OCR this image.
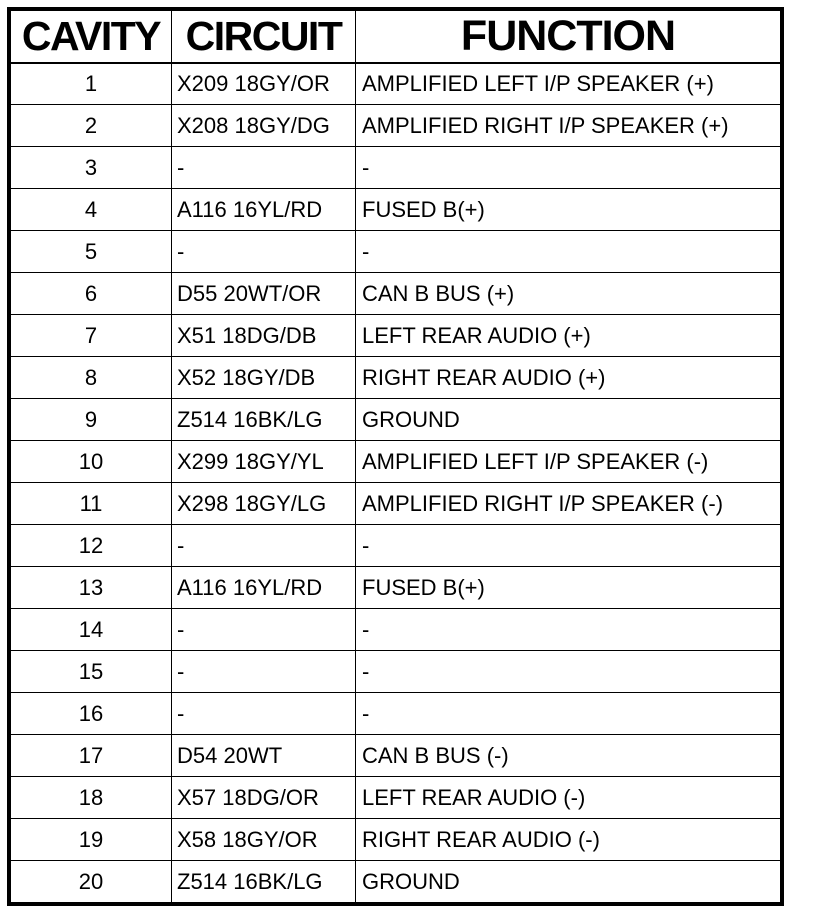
CAVITY	CIRCUIT	FUNCTION
1	X209 18GY/OR	AMPLIFIED LEFT I/P SPEAKER (+)
2	X208 18GY/DG	AMPLIFIED RIGHT I/P SPEAKER (+)
3	-	-
4	A116 16YL/RD	FUSED B(+)
5	-	-
6	D55 20WT/OR	CAN B BUS (+)
7	X51 18DG/DB	LEFT REAR AUDIO (+)
8	X52 18GY/DB	RIGHT REAR AUDIO (+)
9	Z514 16BK/LG	GROUND
10	X299 18GY/YL	AMPLIFIED LEFT I/P SPEAKER (-)
11	X298 18GY/LG	AMPLIFIED RIGHT I/P SPEAKER (-)
12	-	-
13	A116 16YL/RD	FUSED B(+)
14	-	-
15	-	-
16	-	-
17	D54 20WT	CAN B BUS (-)
18	X57 18DG/OR	LEFT REAR AUDIO (-)
19	X58 18GY/OR	RIGHT REAR AUDIO (-)
20	Z514 16BK/LG	GROUND
